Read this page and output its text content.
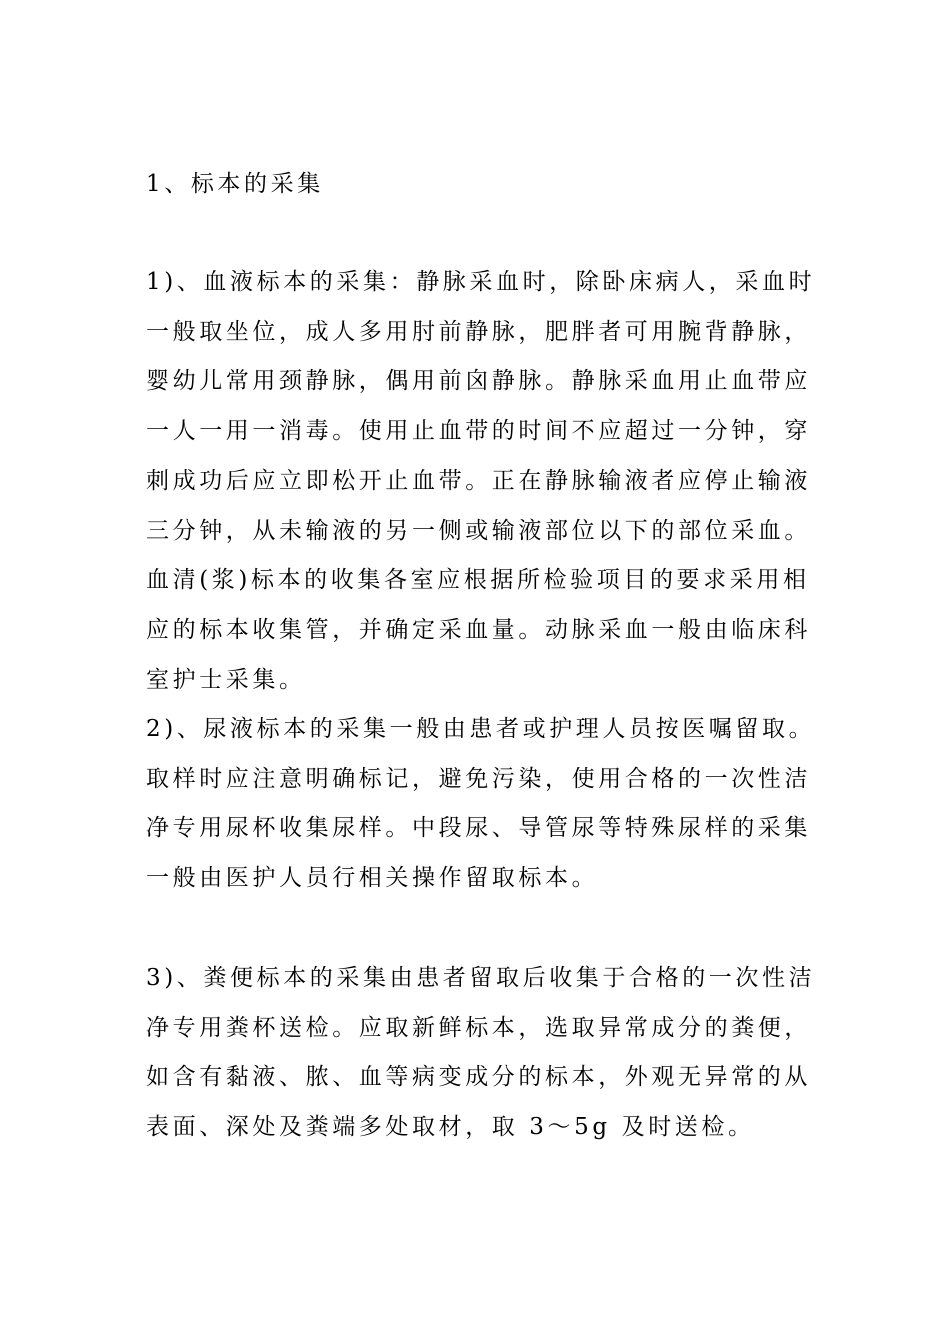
1、标本的采集

1)、血液标本的采集：静脉采血时，除卧床病人，采血时一般取坐位，成人多用肘前静脉，肥胖者可用腕背静脉，婴幼儿常用颈静脉，偶用前囟静脉。静脉采血用止血带应一人一用一消毒。使用止血带的时间不应超过一分钟，穿刺成功后应立即松开止血带。正在静脉输液者应停止输液三分钟，从未输液的另一侧或输液部位以下的部位采血。血清(浆)标本的收集各室应根据所检验项目的要求采用相应的标本收集管，并确定采血量。动脉采血一般由临床科室护士采集。

2)、尿液标本的采集一般由患者或护理人员按医嘱留取。取样时应注意明确标记，避免污染，使用合格的一次性洁净专用尿杯收集尿样。中段尿、导管尿等特殊尿样的采集一般由医护人员行相关操作留取标本。

3)、粪便标本的采集由患者留取后收集于合格的一次性洁净专用粪杯送检。应取新鲜标本，选取异常成分的粪便，如含有黏液、脓、血等病变成分的标本，外观无异常的从表面、深处及粪端多处取材，取 3～5g 及时送检。
